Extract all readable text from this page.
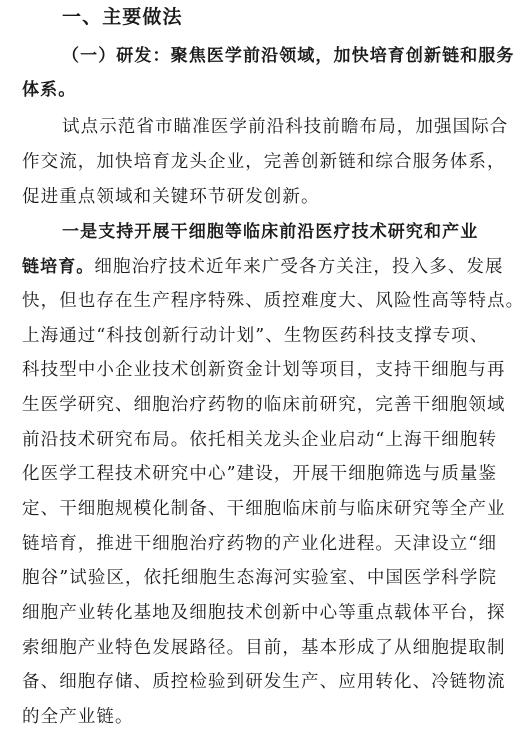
一、主要做法
（一）研发：聚焦医学前沿领域，加快培育创新链和服务
体系。
试点示范省市瞄准医学前沿科技前瞻布局，加强国际合
作交流，加快培育龙头企业，完善创新链和综合服务体系，
促进重点领域和关键环节研发创新。
一是支持开展干细胞等临床前沿医疗技术研究和产业
链培育。细胞治疗技术近年来广受各方关注，投入多、发展
快，但也存在生产程序特殊、质控难度大、风险性高等特点。
上海通过“科技创新行动计划”、生物医药科技支撑专项、
科技型中小企业技术创新资金计划等项目，支持干细胞与再
生医学研究、细胞治疗药物的临床前研究，完善干细胞领域
前沿技术研究布局。依托相关龙头企业启动“上海干细胞转
化医学工程技术研究中心”建设，开展干细胞筛选与质量鉴
定、干细胞规模化制备、干细胞临床前与临床研究等全产业
链培育，推进干细胞治疗药物的产业化进程。天津设立“细
胞谷”试验区，依托细胞生态海河实验室、中国医学科学院
细胞产业转化基地及细胞技术创新中心等重点载体平台，探
索细胞产业特色发展路径。目前，基本形成了从细胞提取制
备、细胞存储、质控检验到研发生产、应用转化、冷链物流
的全产业链。
